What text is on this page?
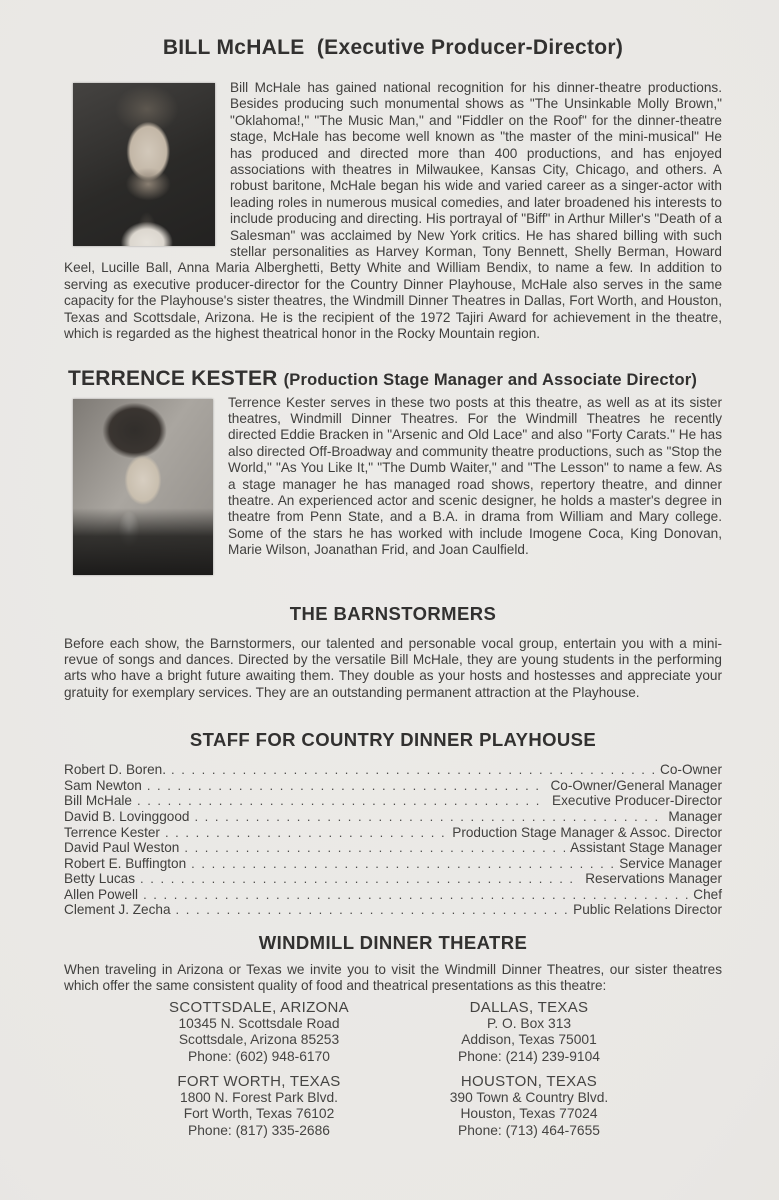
BILL McHALE (Executive Producer-Director)
Bill McHale has gained national recognition for his dinner-theatre productions. Besides producing such monumental shows as "The Unsinkable Molly Brown," "Oklahoma!," "The Music Man," and "Fiddler on the Roof" for the dinner-theatre stage, McHale has become well known as "the master of the mini-musical" He has produced and directed more than 400 productions, and has enjoyed associations with theatres in Milwaukee, Kansas City, Chicago, and others. A robust baritone, McHale began his wide and varied career as a singer-actor with leading roles in numerous musical comedies, and later broadened his interests to include producing and directing. His portrayal of "Biff" in Arthur Miller's "Death of a Salesman" was acclaimed by New York critics. He has shared billing with such stellar personalities as Harvey Korman, Tony Bennett, Shelly Berman, Howard Keel, Lucille Ball, Anna Maria Alberghetti, Betty White and William Bendix, to name a few. In addition to serving as executive producer-director for the Country Dinner Playhouse, McHale also serves in the same capacity for the Playhouse's sister theatres, the Windmill Dinner Theatres in Dallas, Fort Worth, and Houston, Texas and Scottsdale, Arizona. He is the recipient of the 1972 Tajiri Award for achievement in the theatre, which is regarded as the highest theatrical honor in the Rocky Mountain region.
TERRENCE KESTER (Production Stage Manager and Associate Director)
Terrence Kester serves in these two posts at this theatre, as well as at its sister theatres, Windmill Dinner Theatres. For the Windmill Theatres he recently directed Eddie Bracken in "Arsenic and Old Lace" and also "Forty Carats." He has also directed Off-Broadway and community theatre productions, such as "Stop the World," "As You Like It," "The Dumb Waiter," and "The Lesson" to name a few. As a stage manager he has managed road shows, repertory theatre, and dinner theatre. An experienced actor and scenic designer, he holds a master's degree in theatre from Penn State, and a B.A. in drama from William and Mary college. Some of the stars he has worked with include Imogene Coca, King Donovan, Marie Wilson, Joanathan Frid, and Joan Caulfield.
THE BARNSTORMERS

Before each show, the Barnstormers, our talented and personable vocal group, entertain you with a mini-revue of songs and dances. Directed by the versatile Bill McHale, they are young students in the performing arts who have a bright future awaiting them. They double as your hosts and hostesses and appreciate your gratuity for exemplary services. They are an outstanding permanent attraction at the Playhouse.

STAFF FOR COUNTRY DINNER PLAYHOUSE
Robert D. Boren. . . .	Co-Owner
Sam Newton . . .	Co-Owner/General Manager
Bill McHale . . .	Executive Producer-Director
David B. Lovinggood . . .	Manager
Terrence Kester . . .	Production Stage Manager & Assoc. Director
David Paul Weston . . .	Assistant Stage Manager
Robert E. Buffington . . .	Service Manager
Betty Lucas . . .	Reservations Manager
Allen Powell . . .	Chef
Clement J. Zecha . . .	Public Relations Director
WINDMILL DINNER THEATRE

When traveling in Arizona or Texas we invite you to visit the Windmill Dinner Theatres, our sister theatres which offer the same consistent quality of food and theatrical presentations as this theatre:

SCOTTSDALE, ARIZONA
10345 N. Scottsdale Road
Scottsdale, Arizona 85253
Phone: (602) 948-6170
DALLAS, TEXAS
P. O. Box 313
Addison, Texas 75001
Phone: (214) 239-9104
FORT WORTH, TEXAS
1800 N. Forest Park Blvd.
Fort Worth, Texas 76102
Phone: (817) 335-2686
HOUSTON, TEXAS
390 Town & Country Blvd.
Houston, Texas 77024
Phone: (713) 464-7655
